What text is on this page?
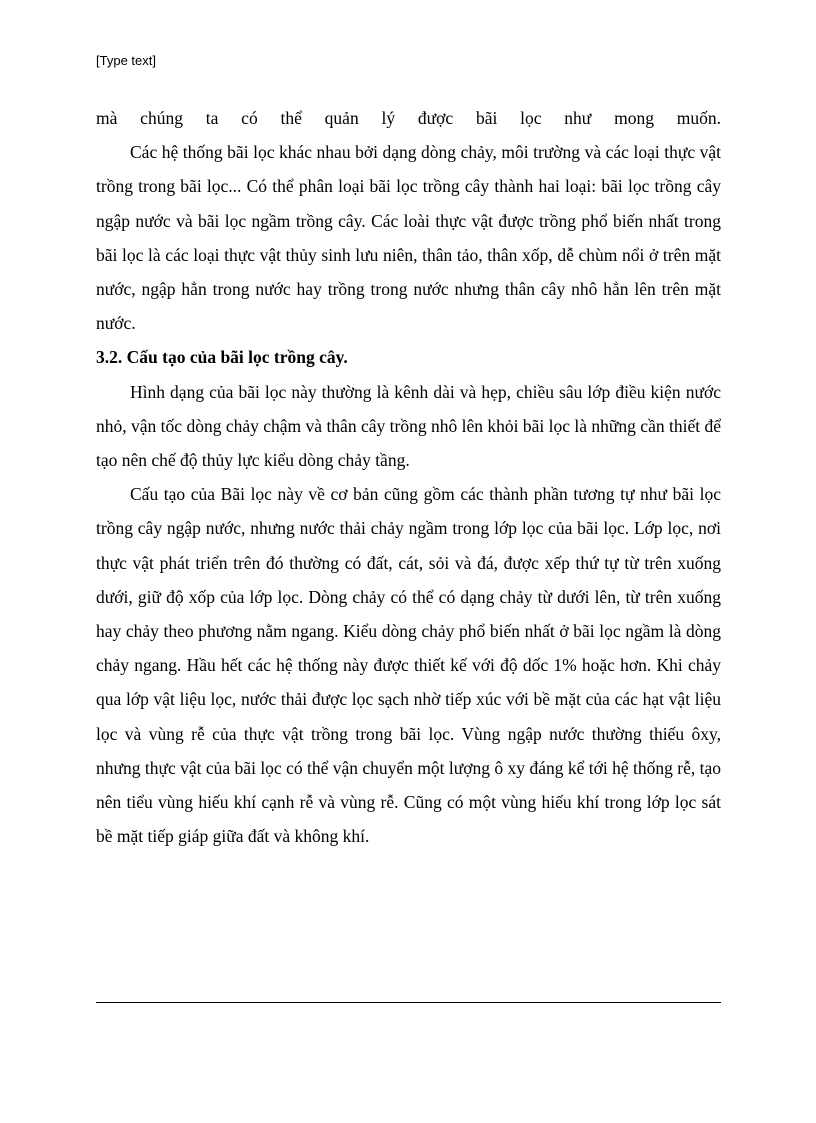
[Type text]

mà chúng ta có thể quản lý được bãi lọc như mong muốn.

Các hệ thống bãi lọc khác nhau bởi dạng dòng chảy, môi trường và các loại thực vật trồng trong bãi lọc... Có thể phân loại bãi lọc trồng cây thành hai loại: bãi lọc trồng cây ngập nước và bãi lọc ngầm trồng cây. Các loài thực vật được trồng phổ biến nhất trong bãi lọc là các loại thực vật thủy sinh lưu niên, thân tảo, thân xốp, dễ chùm nổi ở trên mặt nước, ngập hẳn trong nước hay trồng trong nước nhưng thân cây nhô hẳn lên trên mặt nước.

3.2. Cấu tạo của bãi lọc trồng cây.

Hình dạng của bãi lọc này thường là kênh dài và hẹp, chiều sâu lớp điều kiện nước nhỏ, vận tốc dòng chảy chậm và thân cây trồng nhô lên khỏi bãi lọc là những cần thiết để tạo nên chế độ thủy lực kiểu dòng chảy tầng.

Cấu tạo của Bãi lọc này về cơ bản cũng gồm các thành phần tương tự như bãi lọc trồng cây ngập nước, nhưng nước thải chảy ngầm trong lớp lọc của bãi lọc. Lớp lọc, nơi thực vật phát triển trên đó thường có đất, cát, sỏi và đá, được xếp thứ tự từ trên xuống dưới, giữ độ xốp của lớp lọc. Dòng chảy có thể có dạng chảy từ dưới lên, từ trên xuống hay chảy theo phương nằm ngang. Kiểu dòng chảy phổ biến nhất ở bãi lọc ngầm là dòng chảy ngang. Hầu hết các hệ thống này được thiết kế với độ dốc 1% hoặc hơn. Khi chảy qua lớp vật liệu lọc, nước thải được lọc sạch nhờ tiếp xúc với bề mặt của các hạt vật liệu lọc và vùng rễ của thực vật trồng trong bãi lọc. Vùng ngập nước thường thiếu ôxy, nhưng thực vật của bãi lọc có thể vận chuyển một lượng ô xy đáng kể tới hệ thống rễ, tạo nên tiểu vùng hiếu khí cạnh rễ và vùng rễ. Cũng có một vùng hiếu khí trong lớp lọc sát bề mặt tiếp giáp giữa đất và không khí.
